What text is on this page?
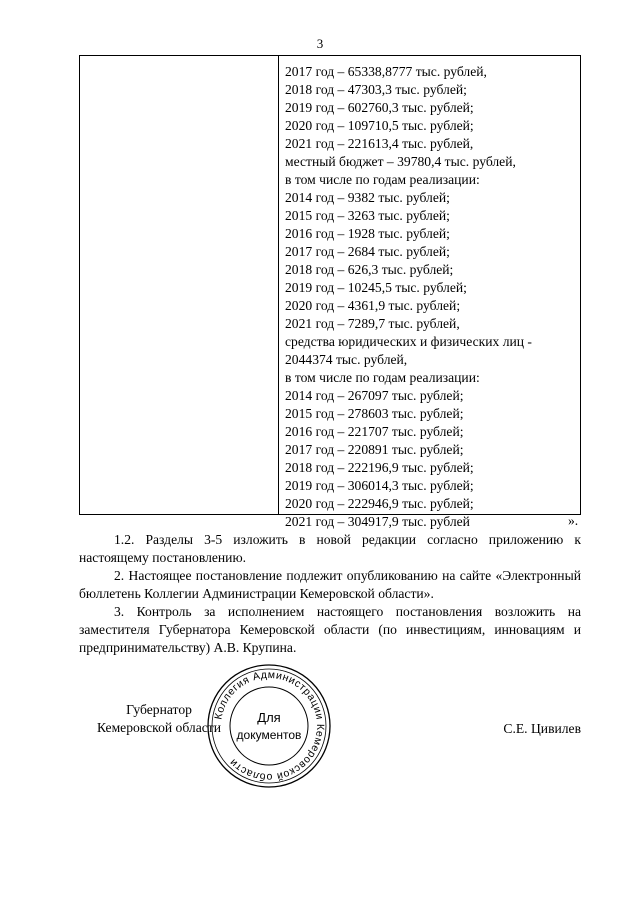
3
2017 год – 65338,8777 тыс. рублей,
2018 год – 47303,3 тыс. рублей;
2019 год – 602760,3 тыс. рублей;
2020 год – 109710,5 тыс. рублей;
2021 год – 221613,4 тыс. рублей,
местный бюджет – 39780,4 тыс. рублей,
в том числе по годам реализации:
2014 год – 9382 тыс. рублей;
2015 год – 3263 тыс. рублей;
2016 год – 1928 тыс. рублей;
2017 год – 2684 тыс. рублей;
2018 год – 626,3 тыс. рублей;
2019 год – 10245,5 тыс. рублей;
2020 год – 4361,9 тыс. рублей;
2021 год – 7289,7 тыс. рублей,
средства юридических и физических лиц -
2044374 тыс. рублей,
в том числе по годам реализации:
2014 год – 267097 тыс. рублей;
2015 год – 278603 тыс. рублей;
2016 год – 221707 тыс. рублей;
2017 год – 220891 тыс. рублей;
2018 год – 222196,9 тыс. рублей;
2019 год – 306014,3 тыс. рублей;
2020 год – 222946,9 тыс. рублей;
2021 год – 304917,9 тыс. рублей	».

1.2. Разделы 3-5 изложить в новой редакции согласно приложению к настоящему постановлению.

2. Настоящее постановление подлежит опубликованию на сайте «Электронный бюллетень Коллегии Администрации Кемеровской области».

3. Контроль за исполнением настоящего постановления возложить на заместителя Губернатора Кемеровской области (по инвестициям, инновациям и предпринимательству) А.В. Крупина.

Губернатор
Кемеровской области
Коллегия Администрации Кемеровской области
Для
документов	С.Е. Цивилев
